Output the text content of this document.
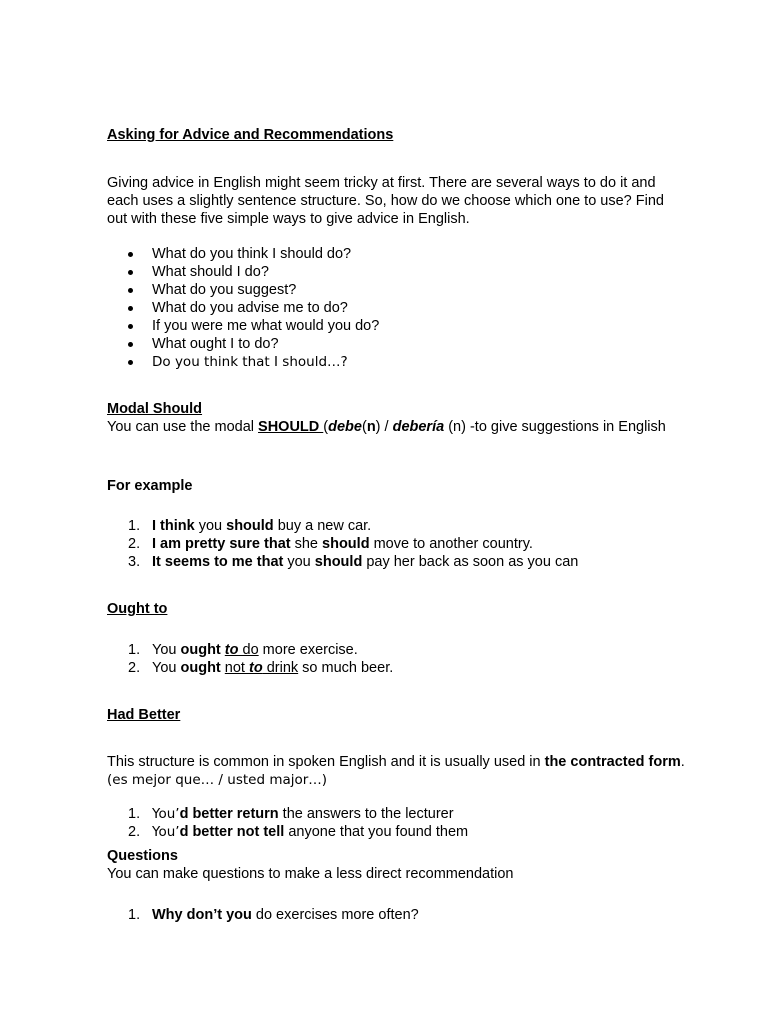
Asking for Advice and Recommendations
Giving advice in English might seem tricky at first. There are several ways to do it and each uses a slightly sentence structure. So, how do we choose which one to use? Find out with these five simple ways to give advice in English.
What do you think I should do?
What should I do?
What do you suggest?
What do you advise me to do?
If you were me what would you do?
What ought I to do?
Do you think that I should…?
Modal Should
You can use the modal SHOULD (debe(n) / debería (n) -to give suggestions in English
For example
1. I think you should buy a new car.
2. I am pretty sure that she should move to another country.
3. It seems to me that you should pay her back as soon as you can
Ought to
1. You ought to do more exercise.
2. You ought not to drink so much beer.
Had Better
This structure is common in spoken English and it is usually used in the contracted form. (es mejor que… / usted major…)
1. You’d better return the answers to the lecturer
2. You’d better not tell anyone that you found them
Questions
You can make questions to make a less direct recommendation
1. Why don’t you do exercises more often?
